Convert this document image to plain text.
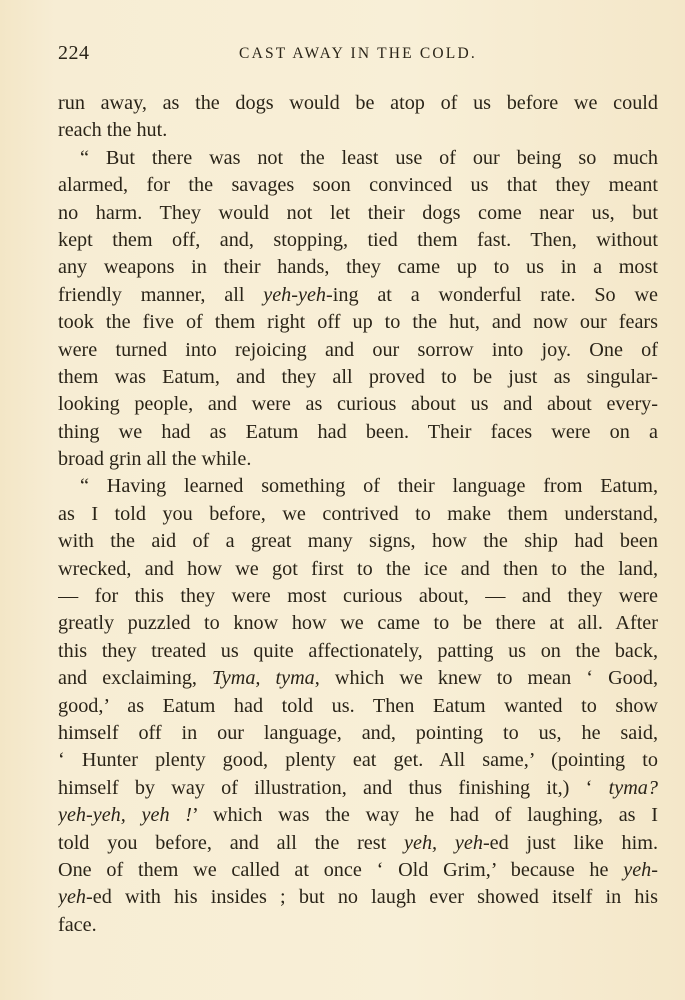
224	CAST AWAY IN THE COLD.
run away, as the dogs would be atop of us before we could
reach the hut.
“ But there was not the least use of our being so much
alarmed, for the savages soon convinced us that they meant
no harm. They would not let their dogs come near us, but
kept them off, and, stopping, tied them fast. Then, without
any weapons in their hands, they came up to us in a most
friendly manner, all yeh-yeh-ing at a wonderful rate. So we
took the five of them right off up to the hut, and now our fears
were turned into rejoicing and our sorrow into joy. One of
them was Eatum, and they all proved to be just as singular-
looking people, and were as curious about us and about every-
thing we had as Eatum had been. Their faces were on a
broad grin all the while.
“ Having learned something of their language from Eatum,
as I told you before, we contrived to make them understand,
with the aid of a great many signs, how the ship had been
wrecked, and how we got first to the ice and then to the land,
— for this they were most curious about, — and they were
greatly puzzled to know how we came to be there at all. After
this they treated us quite affectionately, patting us on the back,
and exclaiming, Tyma, tyma, which we knew to mean ‘ Good,
good,’ as Eatum had told us. Then Eatum wanted to show
himself off in our language, and, pointing to us, he said,
‘ Hunter plenty good, plenty eat get. All same,’ (pointing to
himself by way of illustration, and thus finishing it,) ‘ tyma?
yeh-yeh, yeh !’ which was the way he had of laughing, as I
told you before, and all the rest yeh, yeh-ed just like him.
One of them we called at once ‘ Old Grim,’ because he yeh-
yeh-ed with his insides ; but no laugh ever showed itself in his
face.
